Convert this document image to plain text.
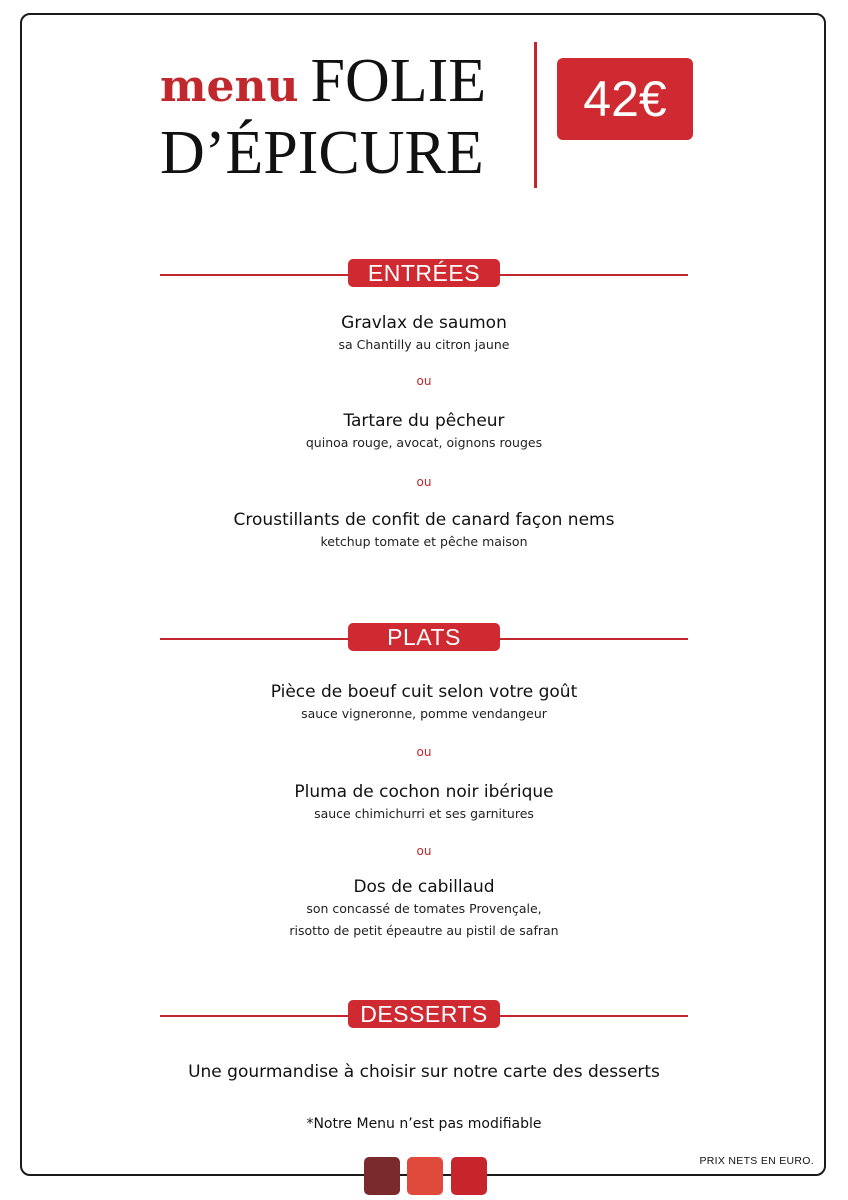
menu FOLIE
D’ÉPICURE
42€
ENTRÉES
Gravlax de saumon
sa Chantilly au citron jaune
ou
Tartare du pêcheur
quinoa rouge, avocat, oignons rouges
ou
Croustillants de confit de canard façon nems
ketchup tomate et pêche maison
PLATS
Pièce de boeuf cuit selon votre goût
sauce vigneronne, pomme vendangeur
ou
Pluma de cochon noir ibérique
sauce chimichurri et ses garnitures
ou
Dos de cabillaud
son concassé de tomates Provençale,
risotto de petit épeautre au pistil de safran
DESSERTS
Une gourmandise à choisir sur notre carte des desserts
*Notre Menu n’est pas modifiable
PRIX NETS EN EURO.
